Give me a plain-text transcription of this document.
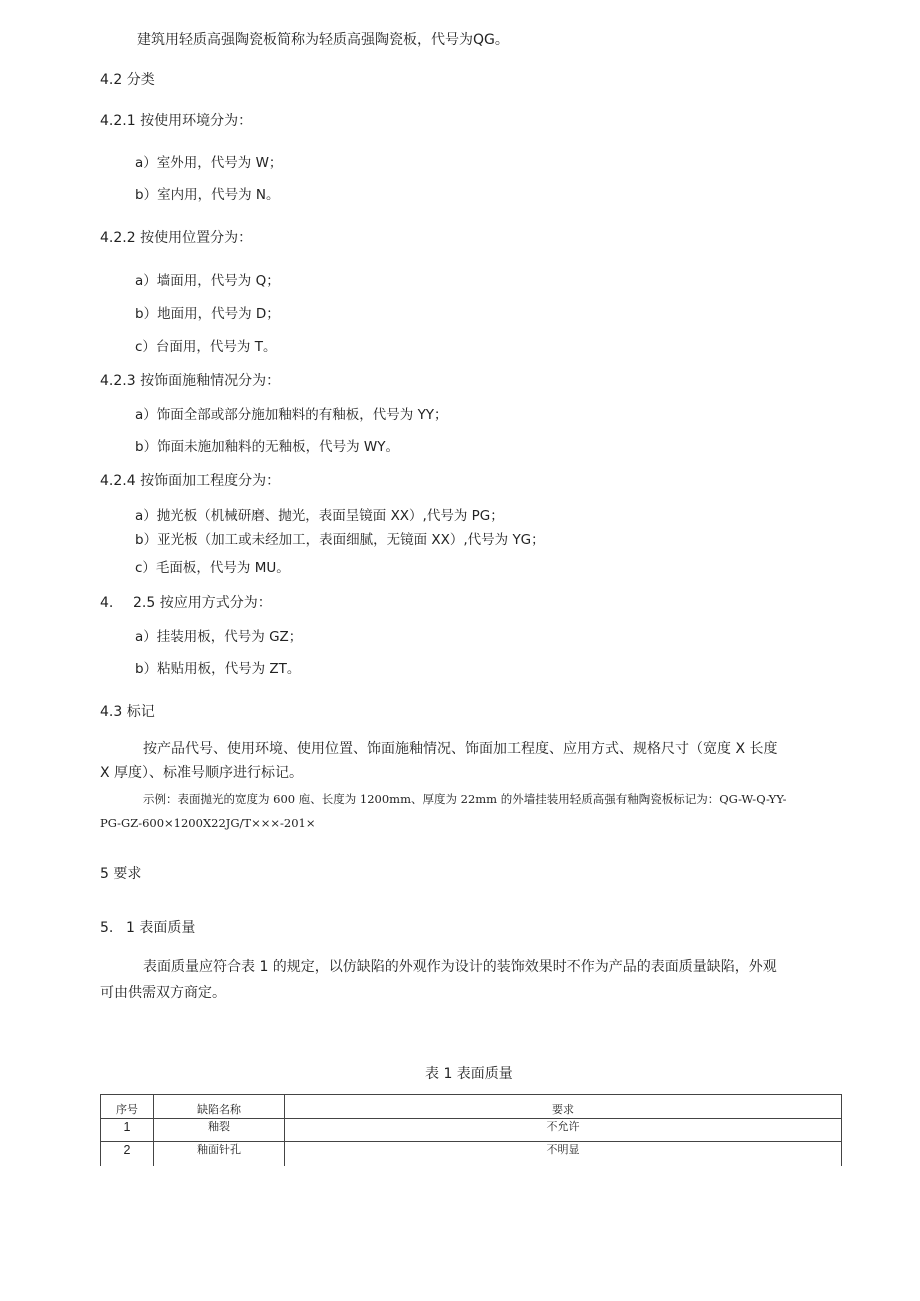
建筑用轻质高强陶瓷板简称为轻质高强陶瓷板，代号为QG。
4.2 分类
4.2.1 按使用环境分为：
a）室外用，代号为 W；
b）室内用，代号为 N。
4.2.2 按使用位置分为：
a）墙面用，代号为 Q；
b）地面用，代号为 D；
c）台面用，代号为 T。
4.2.3 按饰面施釉情况分为：
a）饰面全部或部分施加釉料的有釉板，代号为 YY；
b）饰面未施加釉料的无釉板，代号为 WY。
4.2.4 按饰面加工程度分为：
a）抛光板（机械研磨、抛光，表面呈镜面 XX）,代号为 PG；
b）亚光板（加工或未经加工，表面细腻，无镜面 XX）,代号为 YG；
c）毛面板，代号为 MU。
4. 2.5 按应用方式分为：
a）挂装用板，代号为 GZ；
b）粘贴用板，代号为 ZT。
4.3 标记
按产品代号、使用环境、使用位置、饰面施釉情况、饰面加工程度、应用方式、规格尺寸（宽度 X 长度
X 厚度）、标准号顺序进行标记。
示例：表面抛光的宽度为 600 庖、长度为 1200mm、厚度为 22mm 的外墙挂装用轻质高强有釉陶瓷板标记为：QG-W-Q-YY-
PG-GZ-600×1200X22JG/T×××-201×
5 要求
5. 1 表面质量
表面质量应符合表 1 的规定，以仿缺陷的外观作为设计的装饰效果时不作为产品的表面质量缺陷，外观
可由供需双方商定。
表 1 表面质量
序号	缺陷名称	要求
1	釉裂	不允许
2	釉面针孔	不明显
